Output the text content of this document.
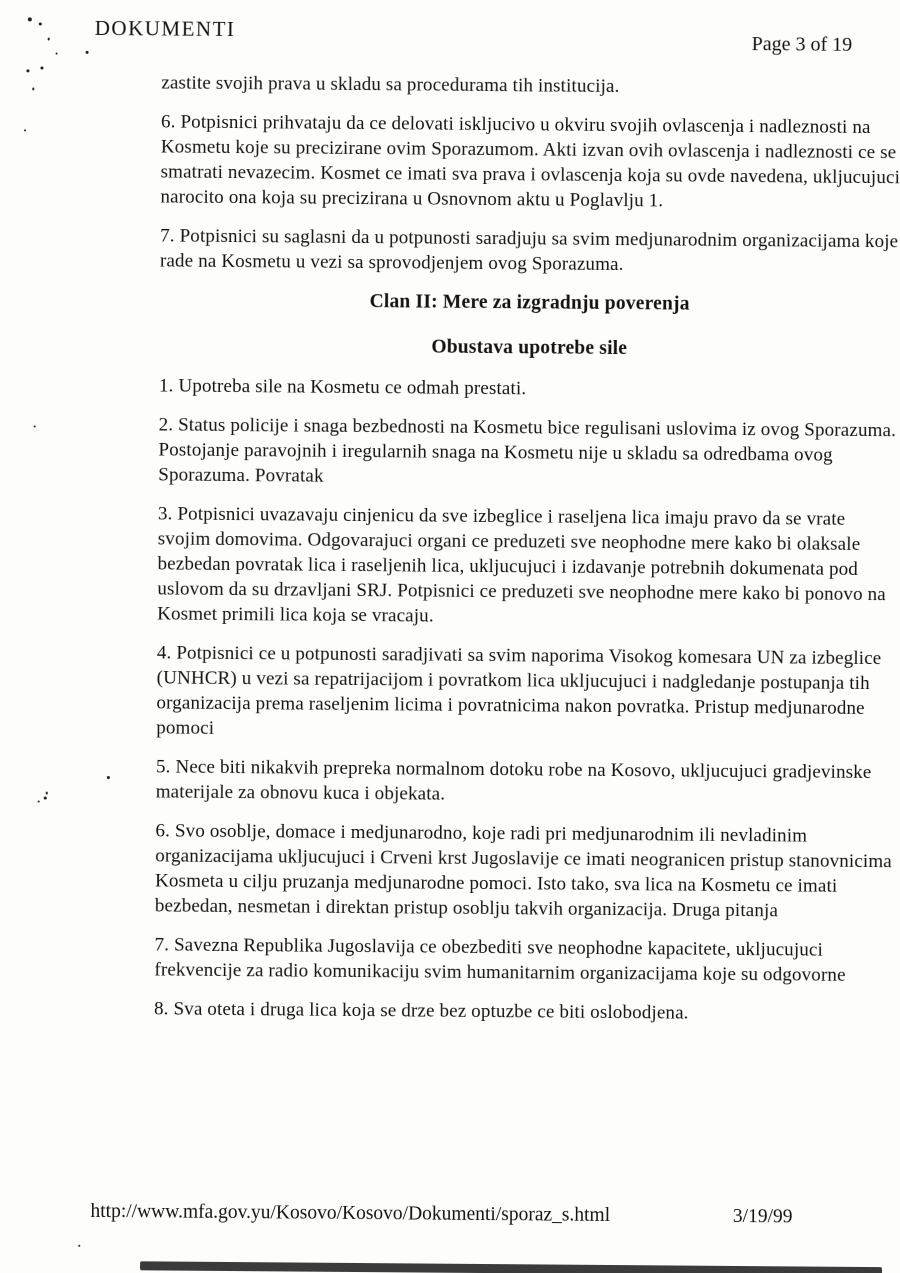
DOKUMENTI
Page 3 of 19

zastite svojih prava u skladu sa procedurama tih institucija.

6. Potpisnici prihvataju da ce delovati iskljucivo u okviru svojih ovlascenja i nadleznosti na Kosmetu koje su precizirane ovim Sporazumom. Akti izvan ovih ovlascenja i nadleznosti ce se smatrati nevazecim. Kosmet ce imati sva prava i ovlascenja koja su ovde navedena, ukljucujuci narocito ona koja su precizirana u Osnovnom aktu u Poglavlju 1.

7. Potpisnici su saglasni da u potpunosti saradjuju sa svim medjunarodnim organizacijama koje rade na Kosmetu u vezi sa sprovodjenjem ovog Sporazuma.

Clan II: Mere za izgradnju poverenja
Obustava upotrebe sile

1. Upotreba sile na Kosmetu ce odmah prestati.

2. Status policije i snaga bezbednosti na Kosmetu bice regulisani uslovima iz ovog Sporazuma. Postojanje paravojnih i iregularnih snaga na Kosmetu nije u skladu sa odredbama ovog Sporazuma. Povratak

3. Potpisnici uvazavaju cinjenicu da sve izbeglice i raseljena lica imaju pravo da se vrate svojim domovima. Odgovarajuci organi ce preduzeti sve neophodne mere kako bi olaksale bezbedan povratak lica i raseljenih lica, ukljucujuci i izdavanje potrebnih dokumenata pod uslovom da su drzavljani SRJ. Potpisnici ce preduzeti sve neophodne mere kako bi ponovo na Kosmet primili lica koja se vracaju.

4. Potpisnici ce u potpunosti saradjivati sa svim naporima Visokog komesara UN za izbeglice (UNHCR) u vezi sa repatrijacijom i povratkom lica ukljucujuci i nadgledanje postupanja tih organizacija prema raseljenim licima i povratnicima nakon povratka. Pristup medjunarodne pomoci

5. Nece biti nikakvih prepreka normalnom dotoku robe na Kosovo, ukljucujuci gradjevinske materijale za obnovu kuca i objekata.

6. Svo osoblje, domace i medjunarodno, koje radi pri medjunarodnim ili nevladinim organizacijama ukljucujuci i Crveni krst Jugoslavije ce imati neogranicen pristup stanovnicima Kosmeta u cilju pruzanja medjunarodne pomoci. Isto tako, sva lica na Kosmetu ce imati bezbedan, nesmetan i direktan pristup osoblju takvih organizacija. Druga pitanja

7. Savezna Republika Jugoslavija ce obezbediti sve neophodne kapacitete, ukljucujuci frekvencije za radio komunikaciju svim humanitarnim organizacijama koje su odgovorne

8. Sva oteta i druga lica koja se drze bez optuzbe ce biti oslobodjena.

http://www.mfa.gov.yu/Kosovo/Kosovo/Dokumenti/sporaz_s.html	3/19/99
